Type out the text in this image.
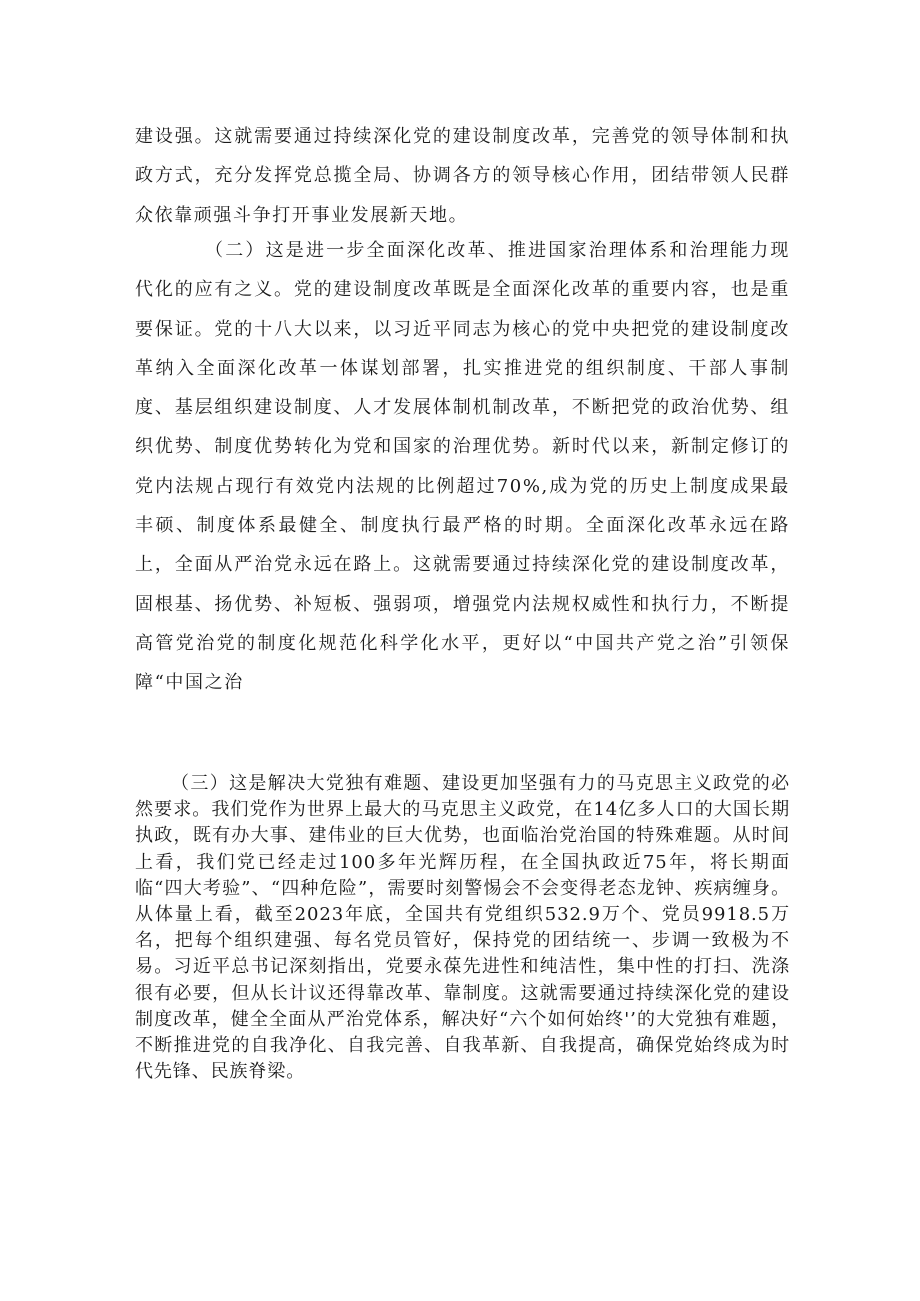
建设强。这就需要通过持续深化党的建设制度改革，完善党的领导体制和执政方式，充分发挥党总揽全局、协调各方的领导核心作用，团结带领人民群众依靠顽强斗争打开事业发展新天地。

（二）这是进一步全面深化改革、推进国家治理体系和治理能力现代化的应有之义。党的建设制度改革既是全面深化改革的重要内容，也是重要保证。党的十八大以来，以习近平同志为核心的党中央把党的建设制度改革纳入全面深化改革一体谋划部署，扎实推进党的组织制度、干部人事制度、基层组织建设制度、人才发展体制机制改革，不断把党的政治优势、组织优势、制度优势转化为党和国家的治理优势。新时代以来，新制定修订的党内法规占现行有效党内法规的比例超过70%,成为党的历史上制度成果最丰硕、制度体系最健全、制度执行最严格的时期。全面深化改革永远在路上，全面从严治党永远在路上。这就需要通过持续深化党的建设制度改革，固根基、扬优势、补短板、强弱项，增强党内法规权威性和执行力，不断提高管党治党的制度化规范化科学化水平，更好以“中国共产党之治”引领保障“中国之治

（三）这是解决大党独有难题、建设更加坚强有力的马克思主义政党的必然要求。我们党作为世界上最大的马克思主义政党，在14亿多人口的大国长期执政，既有办大事、建伟业的巨大优势，也面临治党治国的特殊难题。从时间上看，我们党已经走过100多年光辉历程，在全国执政近75年，将长期面临“四大考验”、“四种危险”，需要时刻警惕会不会变得老态龙钟、疾病缠身。从体量上看，截至2023年底，全国共有党组织532.9万个、党员9918.5万名，把每个组织建强、每名党员管好，保持党的团结统一、步调一致极为不易。习近平总书记深刻指出，党要永葆先进性和纯洁性，集中性的打扫、洗涤很有必要，但从长计议还得靠改革、靠制度。这就需要通过持续深化党的建设制度改革，健全全面从严治党体系，解决好“六个如何始终'’的大党独有难题，不断推进党的自我净化、自我完善、自我革新、自我提高，确保党始终成为时代先锋、民族脊梁。
